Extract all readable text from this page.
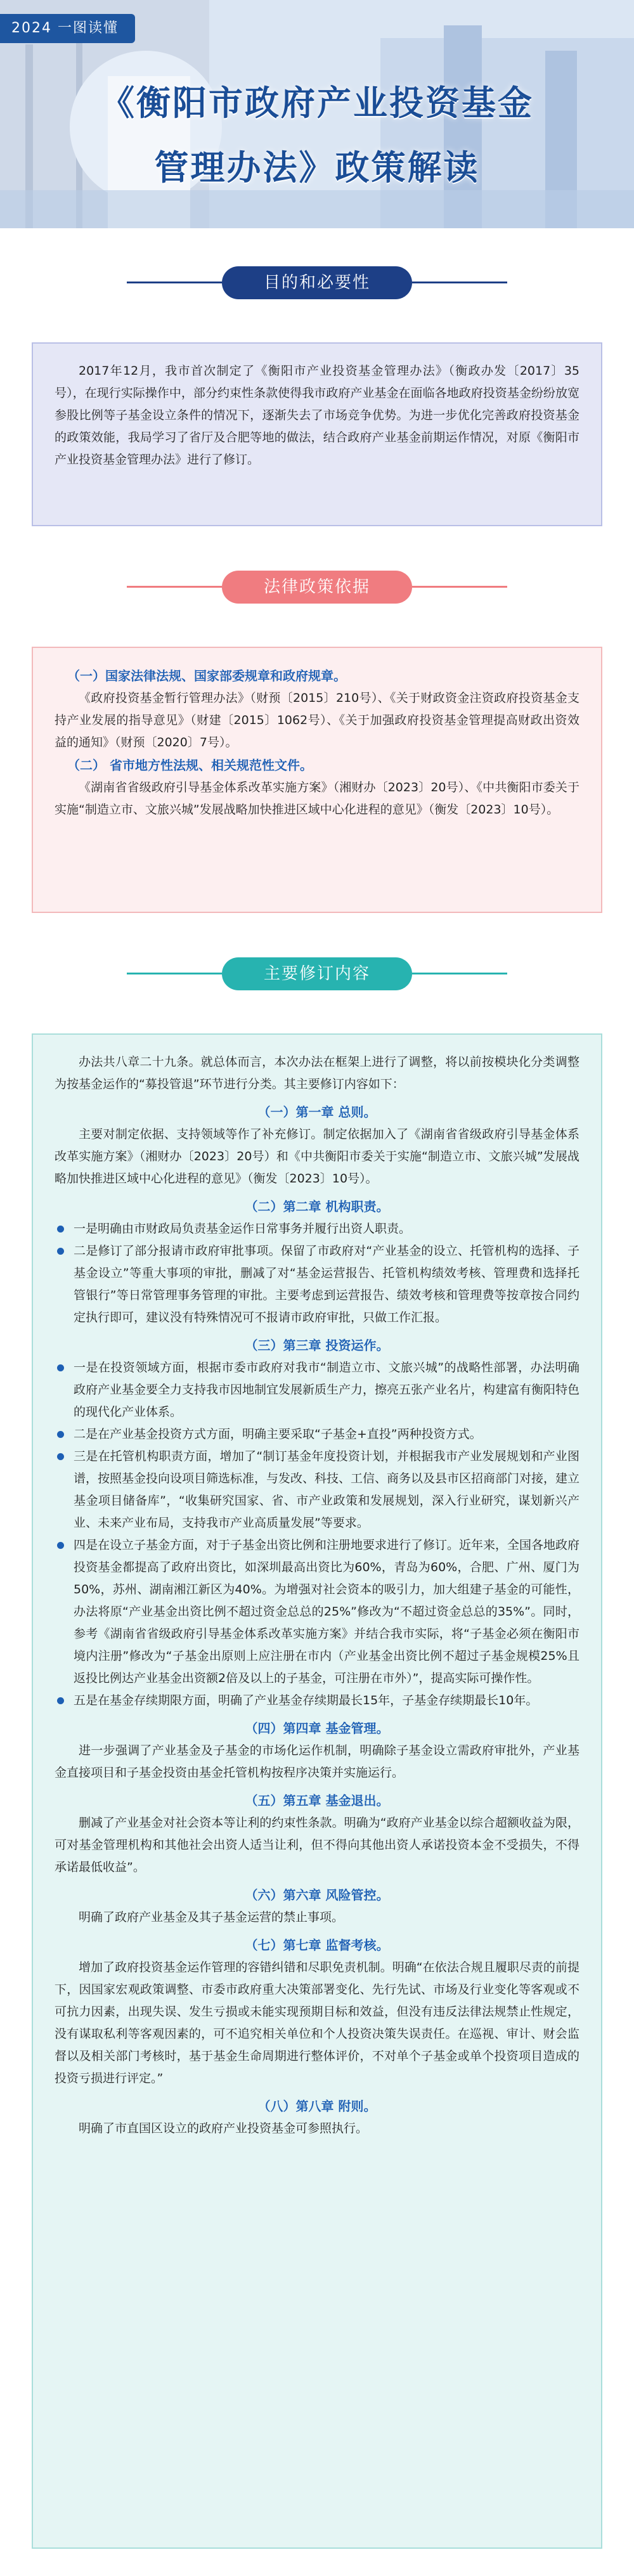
2024 一图读懂
《衡阳市政府产业投资基金
管理办法》政策解读
目的和必要性

2017年12月，我市首次制定了《衡阳市产业投资基金管理办法》（衡政办发〔2017〕35号），在现行实际操作中，部分约束性条款使得我市政府产业基金在面临各地政府投资基金纷纷放宽参股比例等子基金设立条件的情况下，逐渐失去了市场竞争优势。为进一步优化完善政府投资基金的政策效能，我局学习了省厅及合肥等地的做法，结合政府产业基金前期运作情况，对原《衡阳市产业投资基金管理办法》进行了修订。

法律政策依据
（一）国家法律法规、国家部委规章和政府规章。

《政府投资基金暂行管理办法》（财预〔2015〕210号）、《关于财政资金注资政府投资基金支持产业发展的指导意见》（财建〔2015〕1062号）、《关于加强政府投资基金管理提高财政出资效益的通知》（财预〔2020〕7号）。

（二） 省市地方性法规、相关规范性文件。

《湖南省省级政府引导基金体系改革实施方案》（湘财办〔2023〕20号）、《中共衡阳市委关于实施“制造立市、文旅兴城”发展战略加快推进区域中心化进程的意见》（衡发〔2023〕10号）。

主要修订内容

办法共八章二十九条。就总体而言，本次办法在框架上进行了调整，将以前按模块化分类调整为按基金运作的“募投管退”环节进行分类。其主要修订内容如下：

（一）第一章 总则。

主要对制定依据、支持领域等作了补充修订。制定依据加入了《湖南省省级政府引导基金体系改革实施方案》（湘财办〔2023〕20号）和《中共衡阳市委关于实施“制造立市、文旅兴城”发展战略加快推进区域中心化进程的意见》（衡发〔2023〕10号）。

（二）第二章 机构职责。
一是明确由市财政局负责基金运作日常事务并履行出资人职责。
二是修订了部分报请市政府审批事项。保留了市政府对“产业基金的设立、托管机构的选择、子基金设立”等重大事项的审批，删减了对“基金运营报告、托管机构绩效考核、管理费和选择托管银行”等日常管理事务管理的审批。主要考虑到运营报告、绩效考核和管理费等按章按合同约定执行即可，建议没有特殊情况可不报请市政府审批，只做工作汇报。
（三）第三章 投资运作。
一是在投资领域方面，根据市委市政府对我市“制造立市、文旅兴城”的战略性部署，办法明确政府产业基金要全力支持我市因地制宜发展新质生产力，擦亮五张产业名片，构建富有衡阳特色的现代化产业体系。
二是在产业基金投资方式方面，明确主要采取“子基金+直投”两种投资方式。
三是在托管机构职责方面，增加了“制订基金年度投资计划，并根据我市产业发展规划和产业图谱，按照基金投向设项目筛选标准，与发改、科技、工信、商务以及县市区招商部门对接，建立基金项目储备库”，“收集研究国家、省、市产业政策和发展规划，深入行业研究，谋划新兴产业、未来产业布局，支持我市产业高质量发展”等要求。
四是在设立子基金方面，对于子基金出资比例和注册地要求进行了修订。近年来，全国各地政府投资基金都提高了政府出资比，如深圳最高出资比为60%，青岛为60%，合肥、广州、厦门为50%，苏州、湖南湘江新区为40%。为增强对社会资本的吸引力，加大组建子基金的可能性，办法将原“产业基金出资比例不超过资金总总的25%”修改为“不超过资金总总的35%”。同时，参考《湖南省省级政府引导基金体系改革实施方案》并结合我市实际，将“子基金必须在衡阳市境内注册”修改为“子基金出原则上应注册在市内（产业基金出资比例不超过子基金规模25%且返投比例达产业基金出资额2倍及以上的子基金，可注册在市外）”，提高实际可操作性。
五是在基金存续期限方面，明确了产业基金存续期最长15年，子基金存续期最长10年。
（四）第四章 基金管理。

进一步强调了产业基金及子基金的市场化运作机制，明确除子基金设立需政府审批外，产业基金直接项目和子基金投资由基金托管机构按程序决策并实施运行。

（五）第五章 基金退出。

删减了产业基金对社会资本等让利的约束性条款。明确为“政府产业基金以综合超额收益为限，可对基金管理机构和其他社会出资人适当让利，但不得向其他出资人承诺投资本金不受损失，不得承诺最低收益”。

（六）第六章 风险管控。

明确了政府产业基金及其子基金运营的禁止事项。

（七）第七章 监督考核。

增加了政府投资基金运作管理的容错纠错和尽职免责机制。明确“在依法合规且履职尽责的前提下，因国家宏观政策调整、市委市政府重大决策部署变化、先行先试、市场及行业变化等客观或不可抗力因素，出现失误、发生亏损或未能实现预期目标和效益，但没有违反法律法规禁止性规定，没有谋取私利等客观因素的，可不追究相关单位和个人投资决策失误责任。在巡视、审计、财会监督以及相关部门考核时，基于基金生命周期进行整体评价，不对单个子基金或单个投资项目造成的投资亏损进行评定。”

（八）第八章 附则。

明确了市直国区设立的政府产业投资基金可参照执行。
